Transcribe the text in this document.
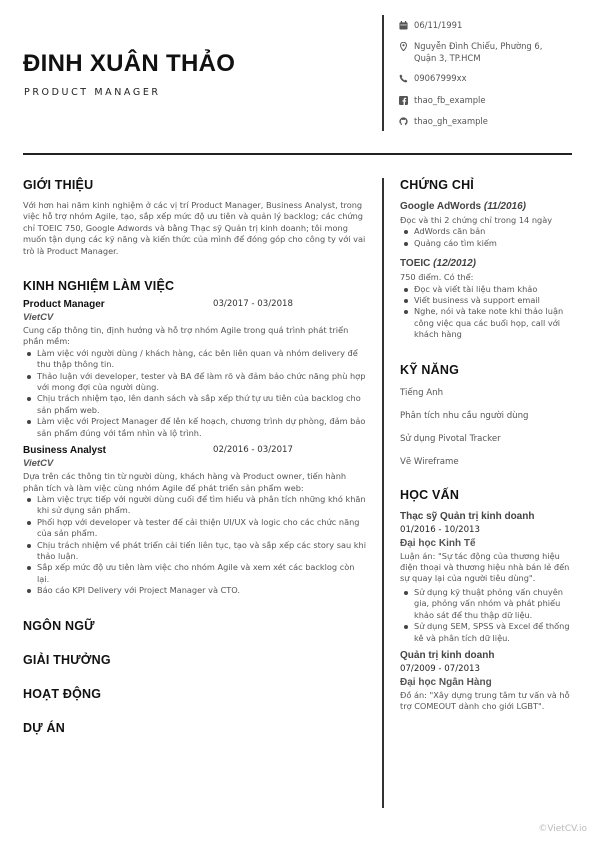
ĐINH XUÂN THẢO
PRODUCT MANAGER
06/11/1991
Nguyễn Đình Chiểu, Phường 6, Quận 3, TP.HCM
09067999xx
thao_fb_example
thao_gh_example
GIỚI THIỆU
Với hơn hai năm kinh nghiệm ở các vị trí Product Manager, Business Analyst, trong việc hỗ trợ nhóm Agile, tạo, sắp xếp mức độ ưu tiên và quản lý backlog; các chứng chỉ TOEIC 750, Google Adwords và bằng Thạc sỹ Quản trị kinh doanh; tôi mong muốn tận dụng các kỹ năng và kiến thức của mình để đóng góp cho công ty với vai trò là Product Manager.
KINH NGHIỆM LÀM VIỆC
Product Manager	03/2017 - 03/2018
VietCV
Cung cấp thông tin, định hướng và hỗ trợ nhóm Agile trong quá trình phát triển phần mềm:
Làm việc với người dùng / khách hàng, các bên liên quan và nhóm delivery để thu thập thông tin.
Thảo luận với developer, tester và BA để làm rõ và đảm bảo chức năng phù hợp với mong đợi của người dùng.
Chịu trách nhiệm tạo, lên danh sách và sắp xếp thứ tự ưu tiên của backlog cho sản phẩm web.
Làm việc với Project Manager để lên kế hoạch, chương trình dự phòng, đảm bảo sản phẩm đúng với tầm nhìn và lộ trình.
Business Analyst	02/2016 - 03/2017
VietCV
Dựa trên các thông tin từ người dùng, khách hàng và Product owner, tiến hành phân tích và làm việc cùng nhóm Agile để phát triển sản phẩm web:
Làm việc trực tiếp với người dùng cuối để tìm hiểu và phân tích những khó khăn khi sử dụng sản phẩm.
Phối hợp với developer và tester để cải thiện UI/UX và logic cho các chức năng của sản phẩm.
Chịu trách nhiệm về phát triển cải tiến liên tục, tạo và sắp xếp các story sau khi thảo luận.
Sắp xếp mức độ ưu tiên làm việc cho nhóm Agile và xem xét các backlog còn lại.
Báo cáo KPI Delivery với Project Manager và CTO.
NGÔN NGỮ
GIẢI THƯỞNG
HOẠT ĐỘNG
DỰ ÁN
CHỨNG CHỈ
Google AdWords (11/2016)
Đọc và thi 2 chứng chỉ trong 14 ngày
AdWords căn bản
Quảng cáo tìm kiếm
TOEIC (12/2012)
750 điểm. Có thể:
Đọc và viết tài liệu tham khảo
Viết business và support email
Nghe, nói và take note khi thảo luận công việc qua các buổi họp, call với khách hàng
KỸ NĂNG
Tiếng Anh
Phân tích nhu cầu người dùng
Sử dụng Pivotal Tracker
Vẽ Wireframe
HỌC VẤN
Thạc sỹ Quản trị kinh doanh
01/2016 - 10/2013
Đại học Kinh Tế
Luận án: "Sự tác động của thương hiệu điện thoại và thương hiệu nhà bán lẻ đến sự quay lại của người tiêu dùng".
Sử dụng kỹ thuật phỏng vấn chuyên gia, phỏng vấn nhóm và phát phiếu khảo sát để thu thập dữ liệu.
Sử dụng SEM, SPSS và Excel để thống kê và phân tích dữ liệu.
Quản trị kinh doanh
07/2009 - 07/2013
Đại học Ngân Hàng
Đồ án: "Xây dựng trung tâm tư vấn và hỗ trợ COMEOUT dành cho giới LGBT".
©VietCV.io
